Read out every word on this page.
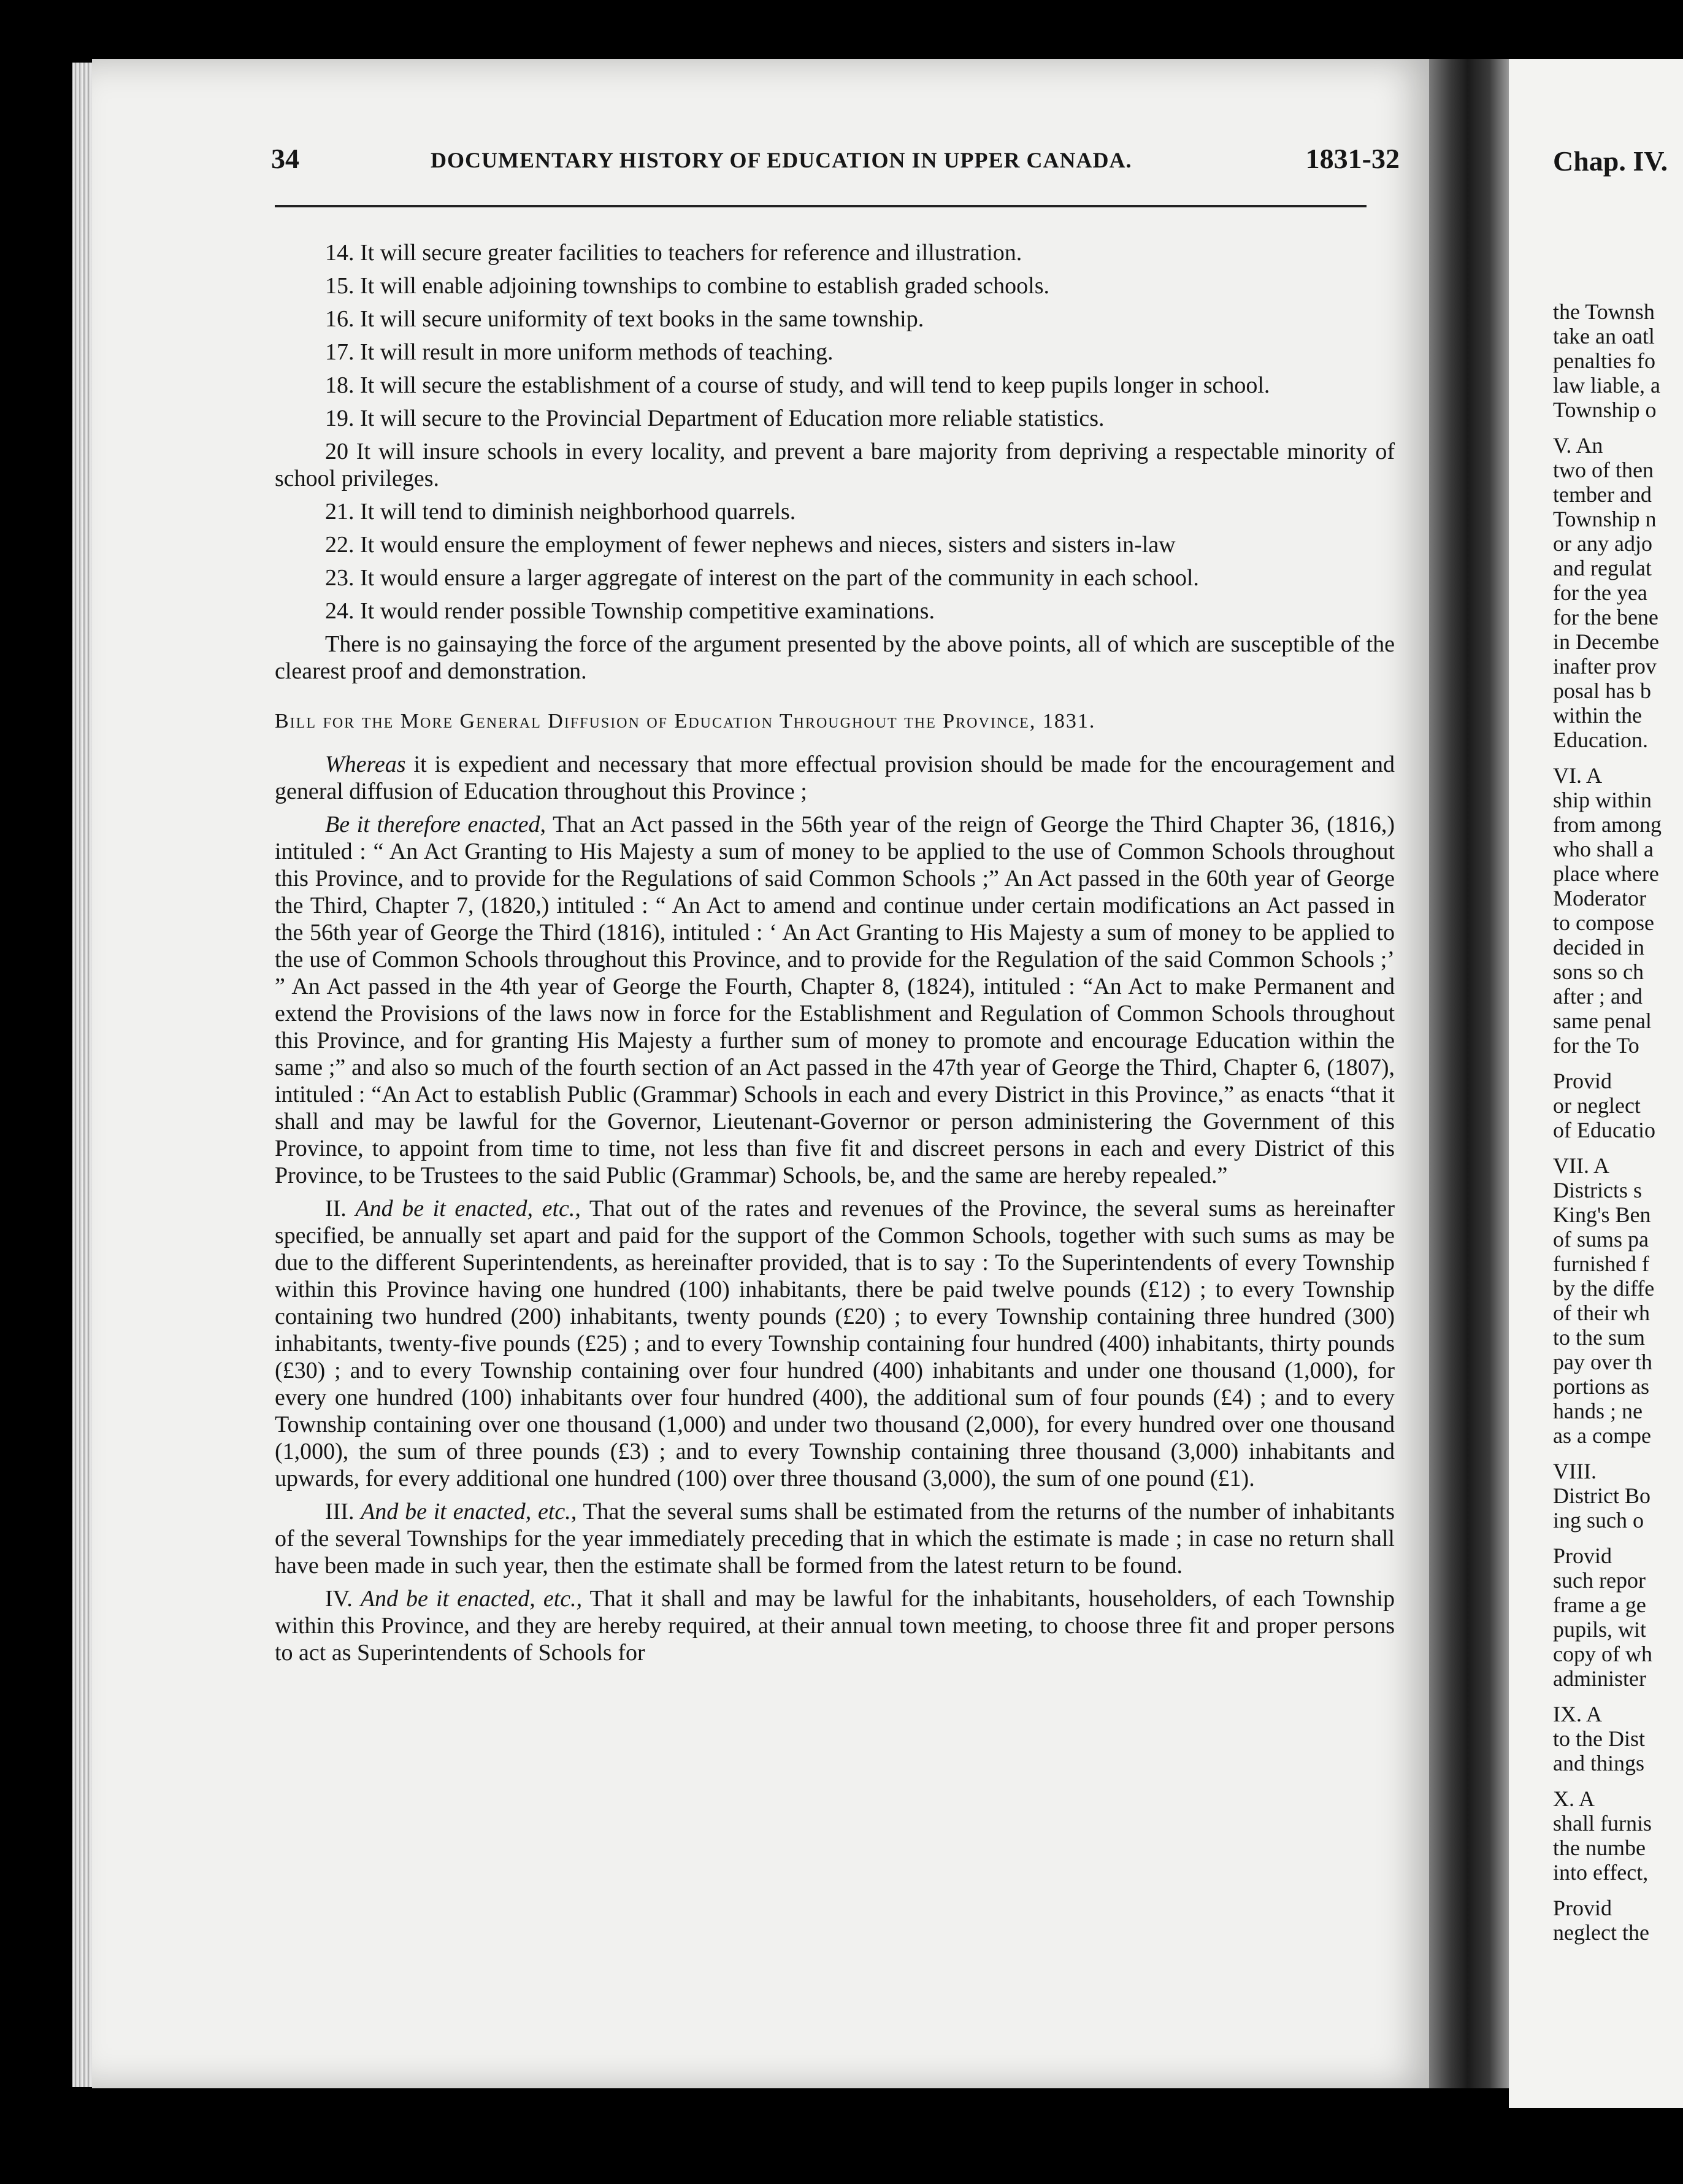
34	DOCUMENTARY HISTORY OF EDUCATION IN UPPER CANADA.	1831-32

14. It will secure greater facilities to teachers for reference and illustration.

15. It will enable adjoining townships to combine to establish graded schools.

16. It will secure uniformity of text books in the same township.

17. It will result in more uniform methods of teaching.

18. It will secure the establishment of a course of study, and will tend to keep pupils longer in school.

19. It will secure to the Provincial Department of Education more reliable statistics.

20 It will insure schools in every locality, and prevent a bare majority from depriving a respectable minority of school privileges.

21. It will tend to diminish neighborhood quarrels.

22. It would ensure the employment of fewer nephews and nieces, sisters and sisters in-law

23. It would ensure a larger aggregate of interest on the part of the community in each school.

24. It would render possible Township competitive examinations.

There is no gainsaying the force of the argument presented by the above points, all of which are susceptible of the clearest proof and demonstration.

Bill for the More General Diffusion of Education Throughout the Province, 1831.

Whereas it is expedient and necessary that more effectual provision should be made for the encouragement and general diffusion of Education throughout this Province ;

Be it therefore enacted, That an Act passed in the 56th year of the reign of George the Third Chapter 36, (1816,) intituled : “ An Act Granting to His Majesty a sum of money to be applied to the use of Common Schools throughout this Province, and to provide for the Regulations of said Common Schools ;” An Act passed in the 60th year of George the Third, Chapter 7, (1820,) intituled : “ An Act to amend and continue under certain modifications an Act passed in the 56th year of George the Third (1816), intituled : ‘ An Act Granting to His Majesty a sum of money to be applied to the use of Common Schools throughout this Province, and to provide for the Regulation of the said Common Schools ;’ ” An Act passed in the 4th year of George the Fourth, Chapter 8, (1824), intituled : “An Act to make Permanent and extend the Provisions of the laws now in force for the Establishment and Regulation of Common Schools throughout this Province, and for granting His Majesty a further sum of money to promote and encourage Education within the same ;” and also so much of the fourth section of an Act passed in the 47th year of George the Third, Chapter 6, (1807), intituled : “An Act to establish Public (Grammar) Schools in each and every District in this Province,” as enacts “that it shall and may be lawful for the Governor, Lieutenant-Governor or person administering the Government of this Province, to appoint from time to time, not less than five fit and discreet persons in each and every District of this Province, to be Trustees to the said Public (Grammar) Schools, be, and the same are hereby repealed.”

II. And be it enacted, etc., That out of the rates and revenues of the Province, the several sums as hereinafter specified, be annually set apart and paid for the support of the Common Schools, together with such sums as may be due to the different Superintendents, as hereinafter provided, that is to say : To the Superintendents of every Township within this Province having one hundred (100) inhabitants, there be paid twelve pounds (£12) ; to every Township containing two hundred (200) inhabitants, twenty pounds (£20) ; to every Township containing three hundred (300) inhabitants, twenty-five pounds (£25) ; and to every Township containing four hundred (400) inhabitants, thirty pounds (£30) ; and to every Township containing over four hundred (400) inhabitants and under one thousand (1,000), for every one hundred (100) inhabitants over four hundred (400), the additional sum of four pounds (£4) ; and to every Township containing over one thousand (1,000) and under two thousand (2,000), for every hundred over one thousand (1,000), the sum of three pounds (£3) ; and to every Township containing three thousand (3,000) inhabitants and upwards, for every additional one hundred (100) over three thousand (3,000), the sum of one pound (£1).

III. And be it enacted, etc., That the several sums shall be estimated from the returns of the number of inhabitants of the several Townships for the year immediately preceding that in which the estimate is made ; in case no return shall have been made in such year, then the estimate shall be formed from the latest return to be found.

IV. And be it enacted, etc., That it shall and may be lawful for the inhabitants, householders, of each Township within this Province, and they are hereby required, at their annual town meeting, to choose three fit and proper persons to act as Superintendents of Schools for

Chap. IV.
the Townsh
take an oatl
penalties fo
law liable, a
Township o
V. An
two of then
tember and
Township n
or any adjo
and regulat
for the yea
for the bene
in Decembe
inafter prov
posal has b
within the
Education.
VI. A
ship within
from among
who shall a
place where
Moderator
to compose
decided in
sons so ch
after ; and
same penal
for the To
Provid
or neglect
of Educatio
VII. A
Districts s
King's Ben
of sums pa
furnished f
by the diffe
of their wh
to the sum
pay over th
portions as
hands ; ne
as a compe
VIII.
District Bo
ing such o
Provid
such repor
frame a ge
pupils, wit
copy of wh
administer
IX. A
to the Dist
and things
X. A
shall furnis
the numbe
into effect,
Provid
neglect the
